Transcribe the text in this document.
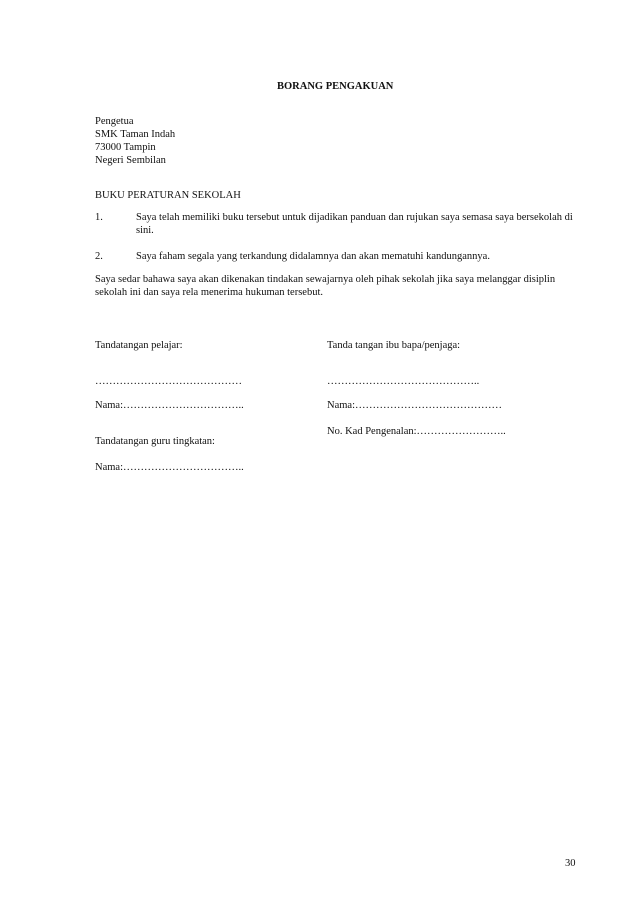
BORANG PENGAKUAN
Pengetua
SMK Taman Indah
73000 Tampin
Negeri Sembilan
BUKU PERATURAN SEKOLAH
1.	Saya telah memiliki buku tersebut untuk dijadikan panduan dan rujukan saya semasa saya bersekolah di sini.
2.	Saya faham segala yang terkandung didalamnya dan akan mematuhi kandungannya.
Saya sedar bahawa saya akan dikenakan tindakan sewajarnya oleh pihak sekolah jika saya melanggar disiplin sekolah ini dan saya rela menerima hukuman tersebut.
Tandatangan pelajar:	Tanda tangan ibu bapa/penjaga:
……………………………………	……………………………………..
Nama:……………………………..	Nama:……………………………………
No. Kad Pengenalan:……………………..
Tandatangan guru tingkatan:
Nama:……………………………..
30
